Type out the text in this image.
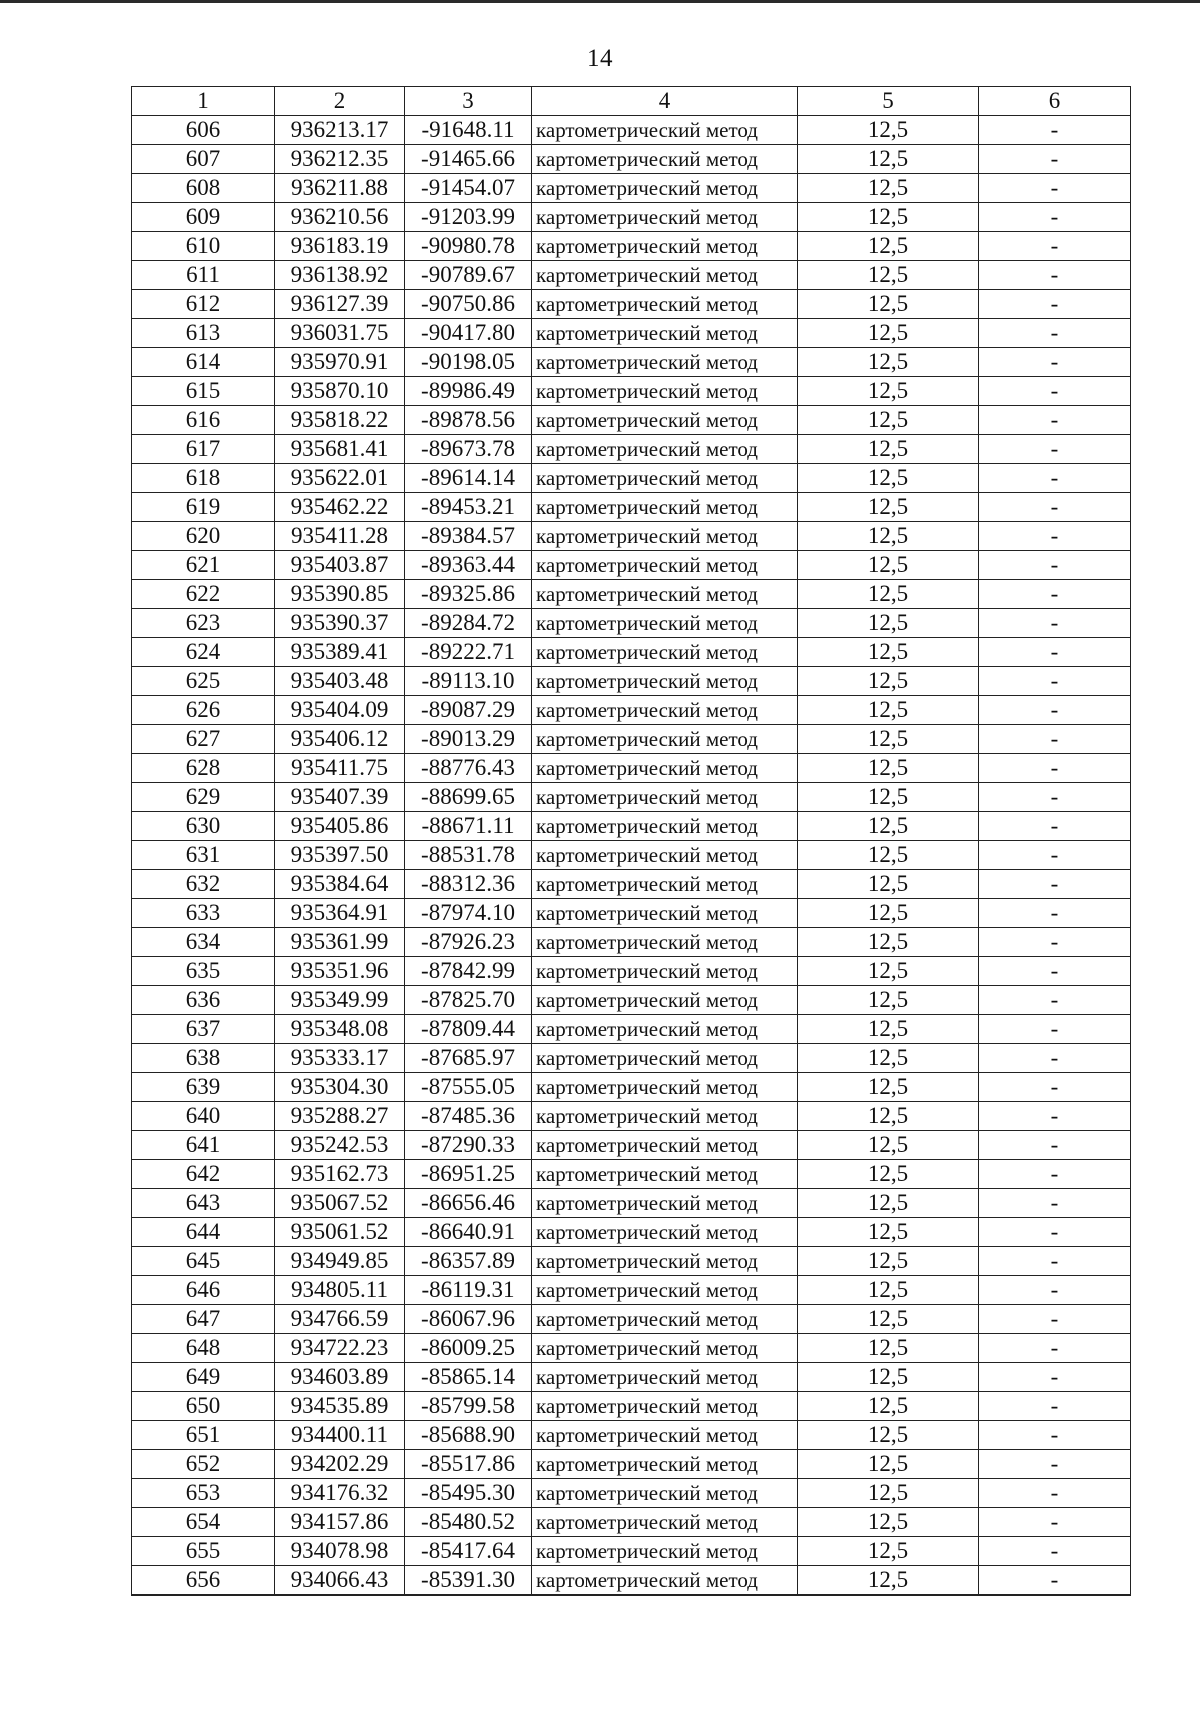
14
1	2	3	4	5	6
606	936213.17	-91648.11	картометрический метод	12,5	-
607	936212.35	-91465.66	картометрический метод	12,5	-
608	936211.88	-91454.07	картометрический метод	12,5	-
609	936210.56	-91203.99	картометрический метод	12,5	-
610	936183.19	-90980.78	картометрический метод	12,5	-
611	936138.92	-90789.67	картометрический метод	12,5	-
612	936127.39	-90750.86	картометрический метод	12,5	-
613	936031.75	-90417.80	картометрический метод	12,5	-
614	935970.91	-90198.05	картометрический метод	12,5	-
615	935870.10	-89986.49	картометрический метод	12,5	-
616	935818.22	-89878.56	картометрический метод	12,5	-
617	935681.41	-89673.78	картометрический метод	12,5	-
618	935622.01	-89614.14	картометрический метод	12,5	-
619	935462.22	-89453.21	картометрический метод	12,5	-
620	935411.28	-89384.57	картометрический метод	12,5	-
621	935403.87	-89363.44	картометрический метод	12,5	-
622	935390.85	-89325.86	картометрический метод	12,5	-
623	935390.37	-89284.72	картометрический метод	12,5	-
624	935389.41	-89222.71	картометрический метод	12,5	-
625	935403.48	-89113.10	картометрический метод	12,5	-
626	935404.09	-89087.29	картометрический метод	12,5	-
627	935406.12	-89013.29	картометрический метод	12,5	-
628	935411.75	-88776.43	картометрический метод	12,5	-
629	935407.39	-88699.65	картометрический метод	12,5	-
630	935405.86	-88671.11	картометрический метод	12,5	-
631	935397.50	-88531.78	картометрический метод	12,5	-
632	935384.64	-88312.36	картометрический метод	12,5	-
633	935364.91	-87974.10	картометрический метод	12,5	-
634	935361.99	-87926.23	картометрический метод	12,5	-
635	935351.96	-87842.99	картометрический метод	12,5	-
636	935349.99	-87825.70	картометрический метод	12,5	-
637	935348.08	-87809.44	картометрический метод	12,5	-
638	935333.17	-87685.97	картометрический метод	12,5	-
639	935304.30	-87555.05	картометрический метод	12,5	-
640	935288.27	-87485.36	картометрический метод	12,5	-
641	935242.53	-87290.33	картометрический метод	12,5	-
642	935162.73	-86951.25	картометрический метод	12,5	-
643	935067.52	-86656.46	картометрический метод	12,5	-
644	935061.52	-86640.91	картометрический метод	12,5	-
645	934949.85	-86357.89	картометрический метод	12,5	-
646	934805.11	-86119.31	картометрический метод	12,5	-
647	934766.59	-86067.96	картометрический метод	12,5	-
648	934722.23	-86009.25	картометрический метод	12,5	-
649	934603.89	-85865.14	картометрический метод	12,5	-
650	934535.89	-85799.58	картометрический метод	12,5	-
651	934400.11	-85688.90	картометрический метод	12,5	-
652	934202.29	-85517.86	картометрический метод	12,5	-
653	934176.32	-85495.30	картометрический метод	12,5	-
654	934157.86	-85480.52	картометрический метод	12,5	-
655	934078.98	-85417.64	картометрический метод	12,5	-
656	934066.43	-85391.30	картометрический метод	12,5	-
